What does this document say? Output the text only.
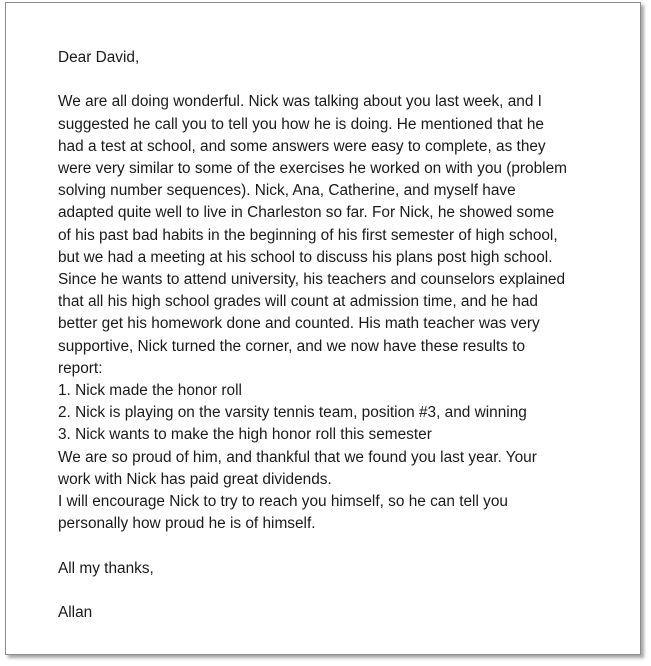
Dear David,

We are all doing wonderful. Nick was talking about you last week, and I
suggested he call you to tell you how he is doing. He mentioned that he
had a test at school, and some answers were easy to complete, as they
were very similar to some of the exercises he worked on with you (problem
solving number sequences). Nick, Ana, Catherine, and myself have
adapted quite well to live in Charleston so far. For Nick, he showed some
of his past bad habits in the beginning of his first semester of high school,
but we had a meeting at his school to discuss his plans post high school.
Since he wants to attend university, his teachers and counselors explained
that all his high school grades will count at admission time, and he had
better get his homework done and counted. His math teacher was very
supportive, Nick turned the corner, and we now have these results to
report:
1. Nick made the honor roll
2. Nick is playing on the varsity tennis team, position #3, and winning
3. Nick wants to make the high honor roll this semester
We are so proud of him, and thankful that we found you last year. Your
work with Nick has paid great dividends.
I will encourage Nick to try to reach you himself, so he can tell you
personally how proud he is of himself.

All my thanks,

Allan
